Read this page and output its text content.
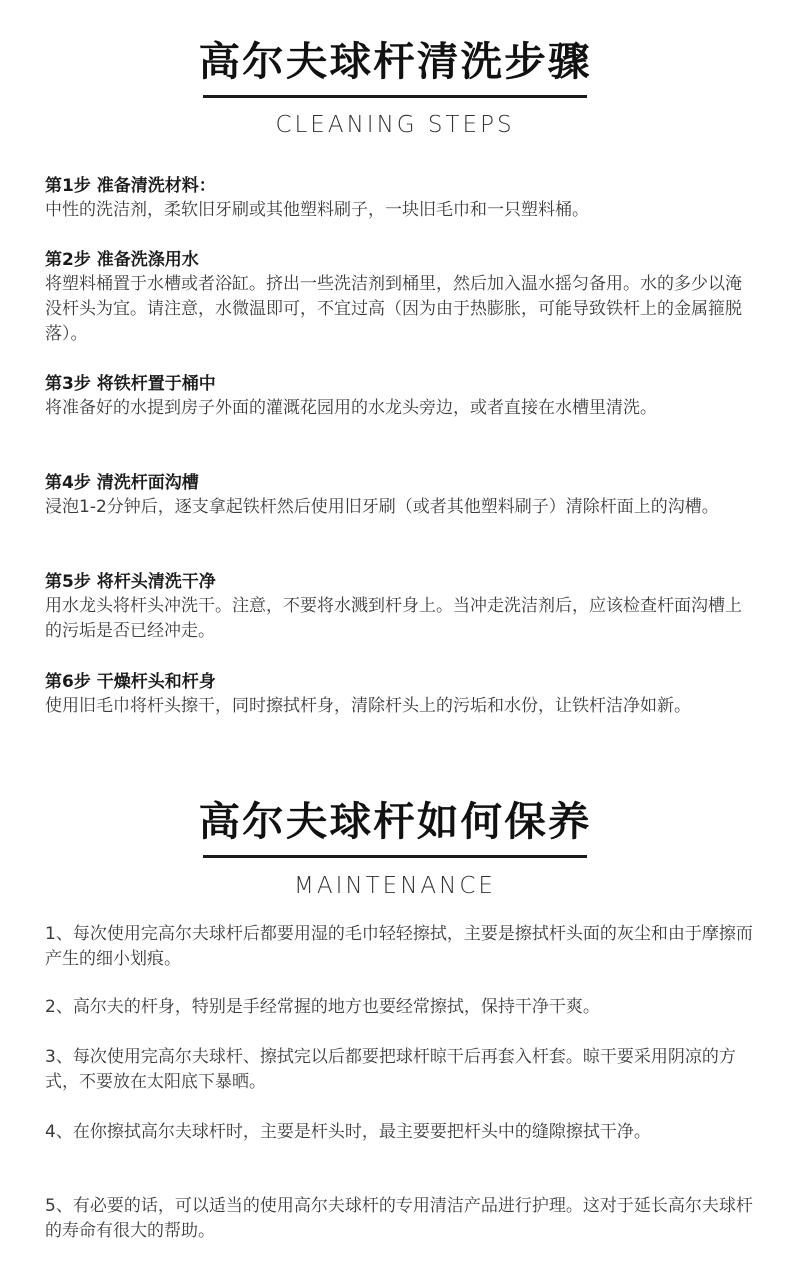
高尔夫球杆清洗步骤
CLEANING STEPS
第1步 准备清洗材料：
中性的洗洁剂，柔软旧牙刷或其他塑料刷子，一块旧毛巾和一只塑料桶。
第2步 准备洗涤用水
将塑料桶置于水槽或者浴缸。挤出一些洗洁剂到桶里，然后加入温水摇匀备用。水的多少以淹没杆头为宜。请注意，水微温即可，不宜过高（因为由于热膨胀，可能导致铁杆上的金属箍脱落）。
第3步 将铁杆置于桶中
将准备好的水提到房子外面的灌溉花园用的水龙头旁边，或者直接在水槽里清洗。
第4步 清洗杆面沟槽
浸泡1-2分钟后，逐支拿起铁杆然后使用旧牙刷（或者其他塑料刷子）清除杆面上的沟槽。
第5步 将杆头清洗干净
用水龙头将杆头冲洗干。注意，不要将水溅到杆身上。当冲走洗洁剂后，应该检查杆面沟槽上的污垢是否已经冲走。
第6步 干燥杆头和杆身
使用旧毛巾将杆头擦干，同时擦拭杆身，清除杆头上的污垢和水份，让铁杆洁净如新。
高尔夫球杆如何保养
MAINTENANCE

1、每次使用完高尔夫球杆后都要用湿的毛巾轻轻擦拭，主要是擦拭杆头面的灰尘和由于摩擦而产生的细小划痕。

2、高尔夫的杆身，特别是手经常握的地方也要经常擦拭，保持干净干爽。

3、每次使用完高尔夫球杆、擦拭完以后都要把球杆晾干后再套入杆套。晾干要采用阴凉的方式，不要放在太阳底下暴晒。

4、在你擦拭高尔夫球杆时，主要是杆头时，最主要要把杆头中的缝隙擦拭干净。

5、有必要的话，可以适当的使用高尔夫球杆的专用清洁产品进行护理。这对于延长高尔夫球杆的寿命有很大的帮助。
